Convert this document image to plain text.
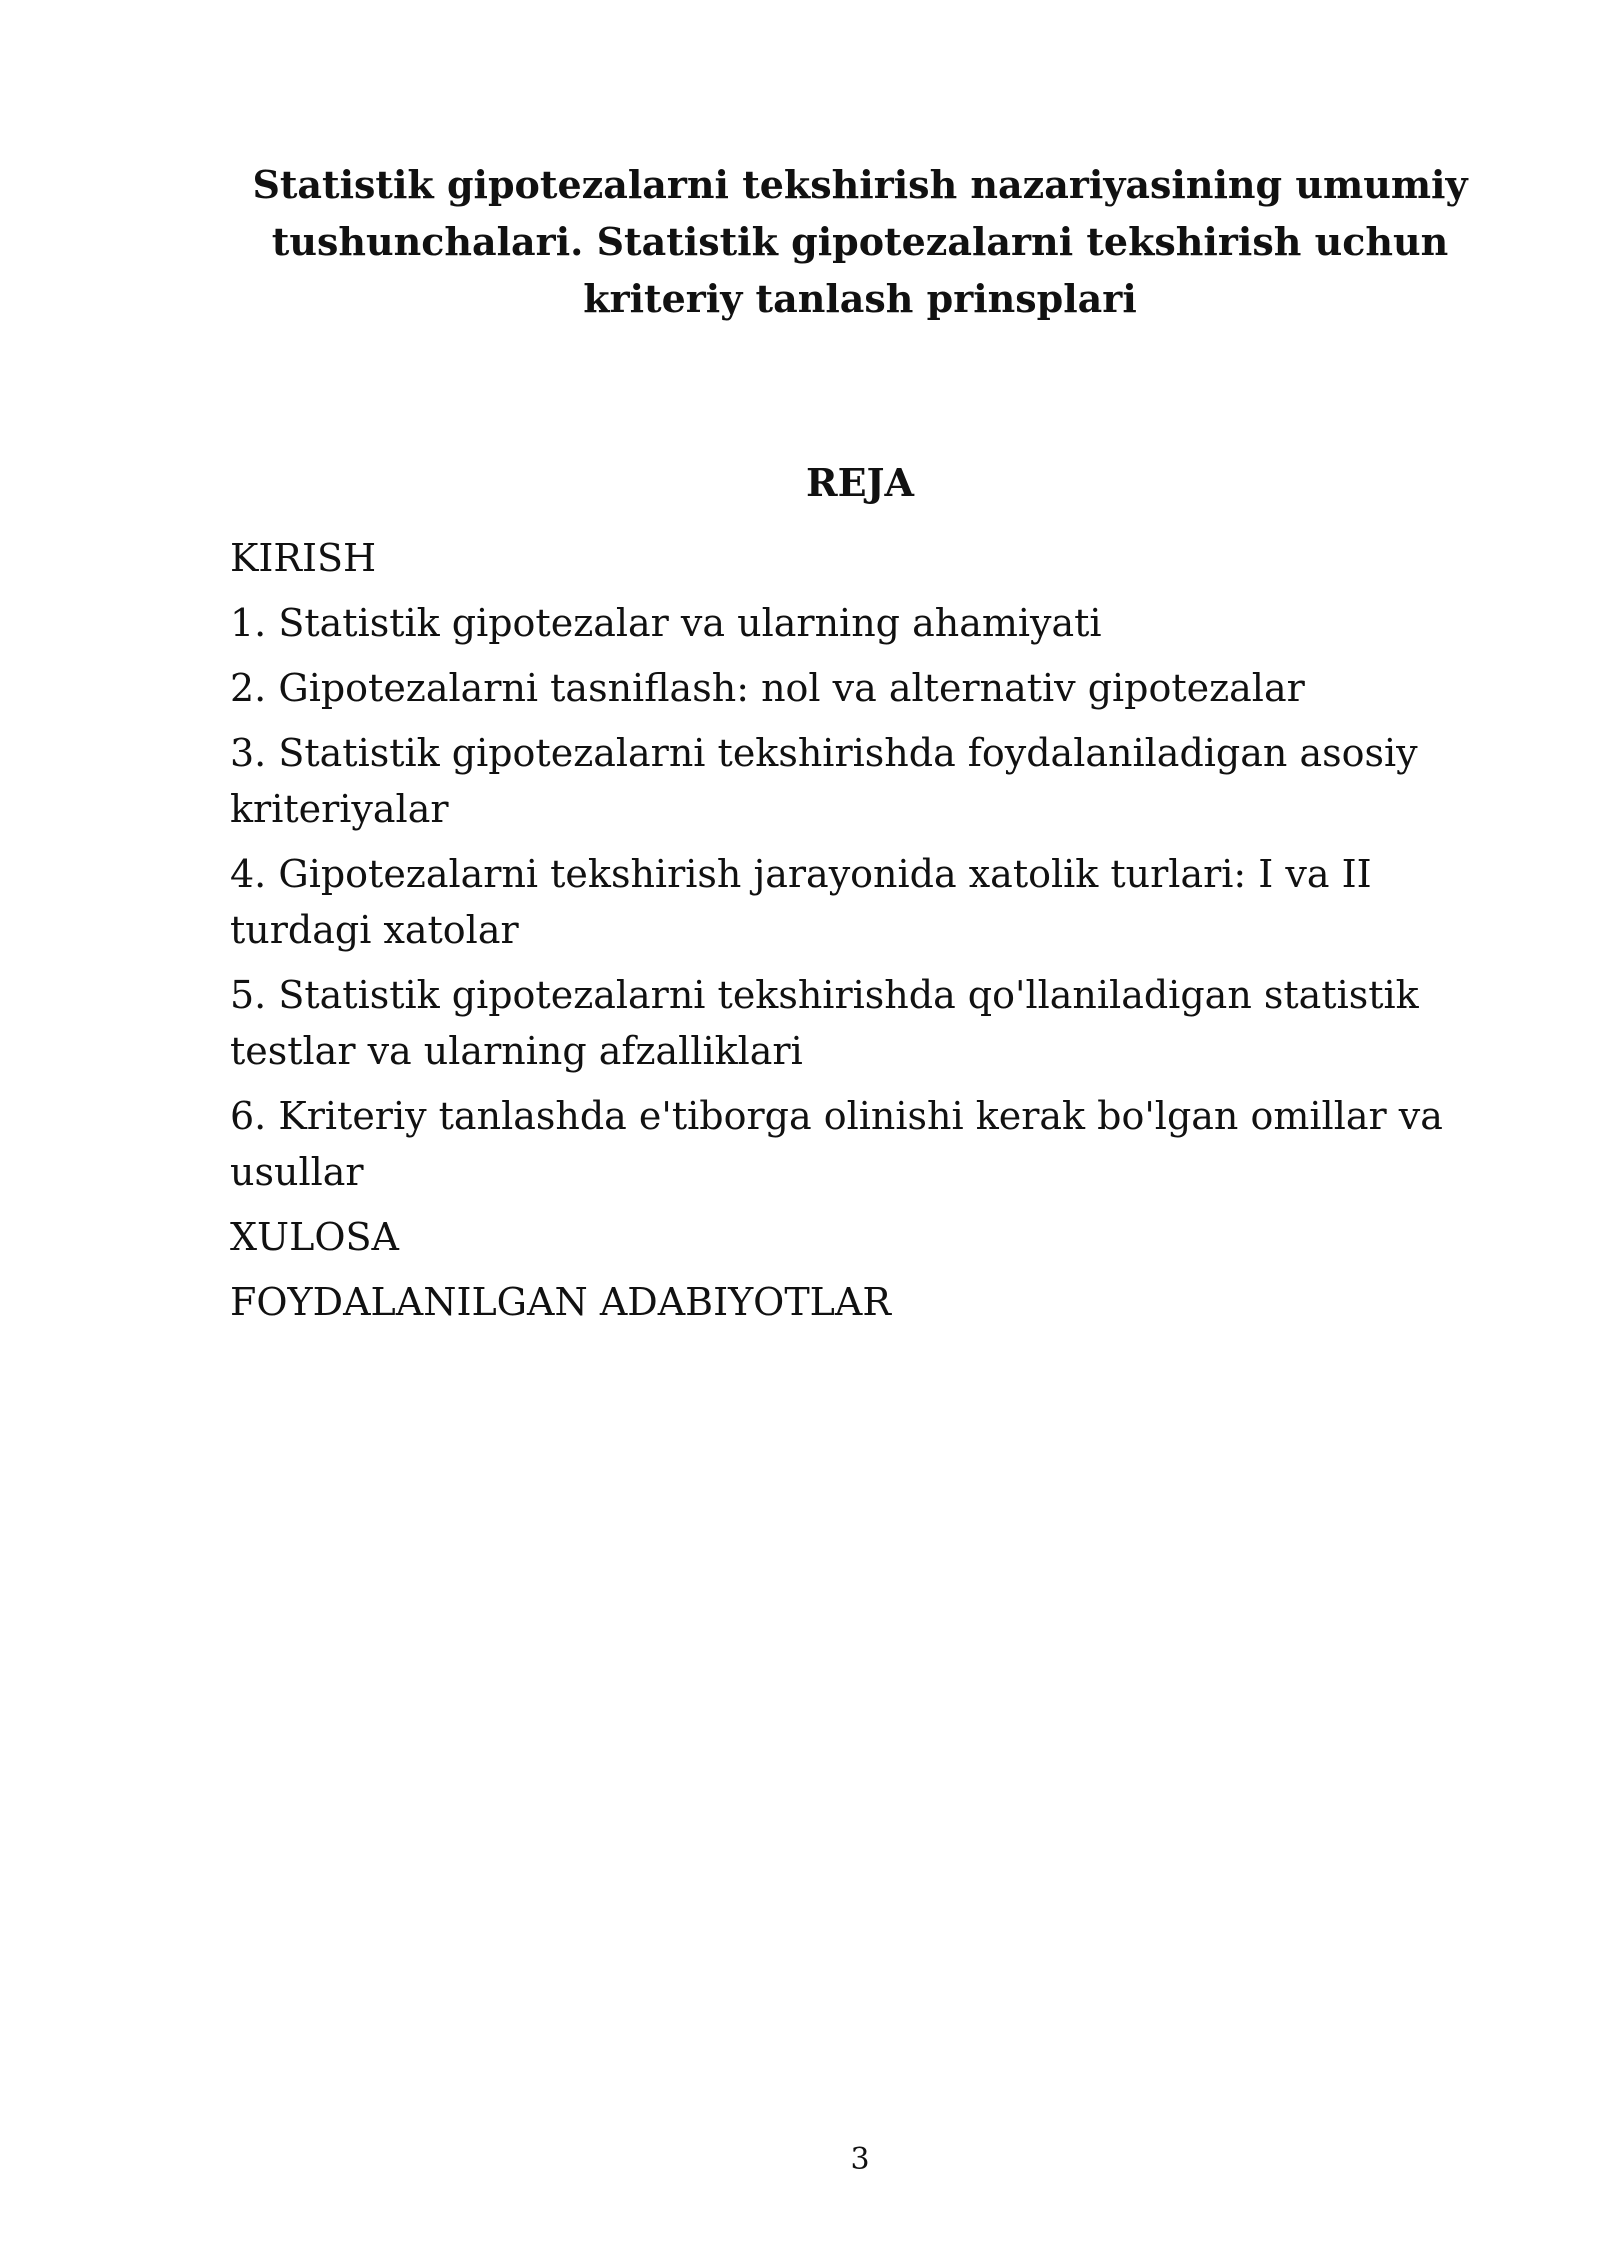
Statistik gipotezalarni tekshirish nazariyasining umumiy tushunchalari. Statistik gipotezalarni tekshirish uchun kriteriy tanlash prinsplari
REJA
KIRISH
1. Statistik gipotezalar va ularning ahamiyati
2. Gipotezalarni tasniflash: nol va alternativ gipotezalar
3. Statistik gipotezalarni tekshirishda foydalaniladigan asosiy kriteriyalar
4. Gipotezalarni tekshirish jarayonida xatolik turlari: I va II turdagi xatolar
5. Statistik gipotezalarni tekshirishda qo'llaniladigan statistik testlar va ularning afzalliklari
6. Kriteriy tanlashda e'tiborga olinishi kerak bo'lgan omillar va usullar
XULOSA
FOYDALANILGAN ADABIYOTLAR
3
